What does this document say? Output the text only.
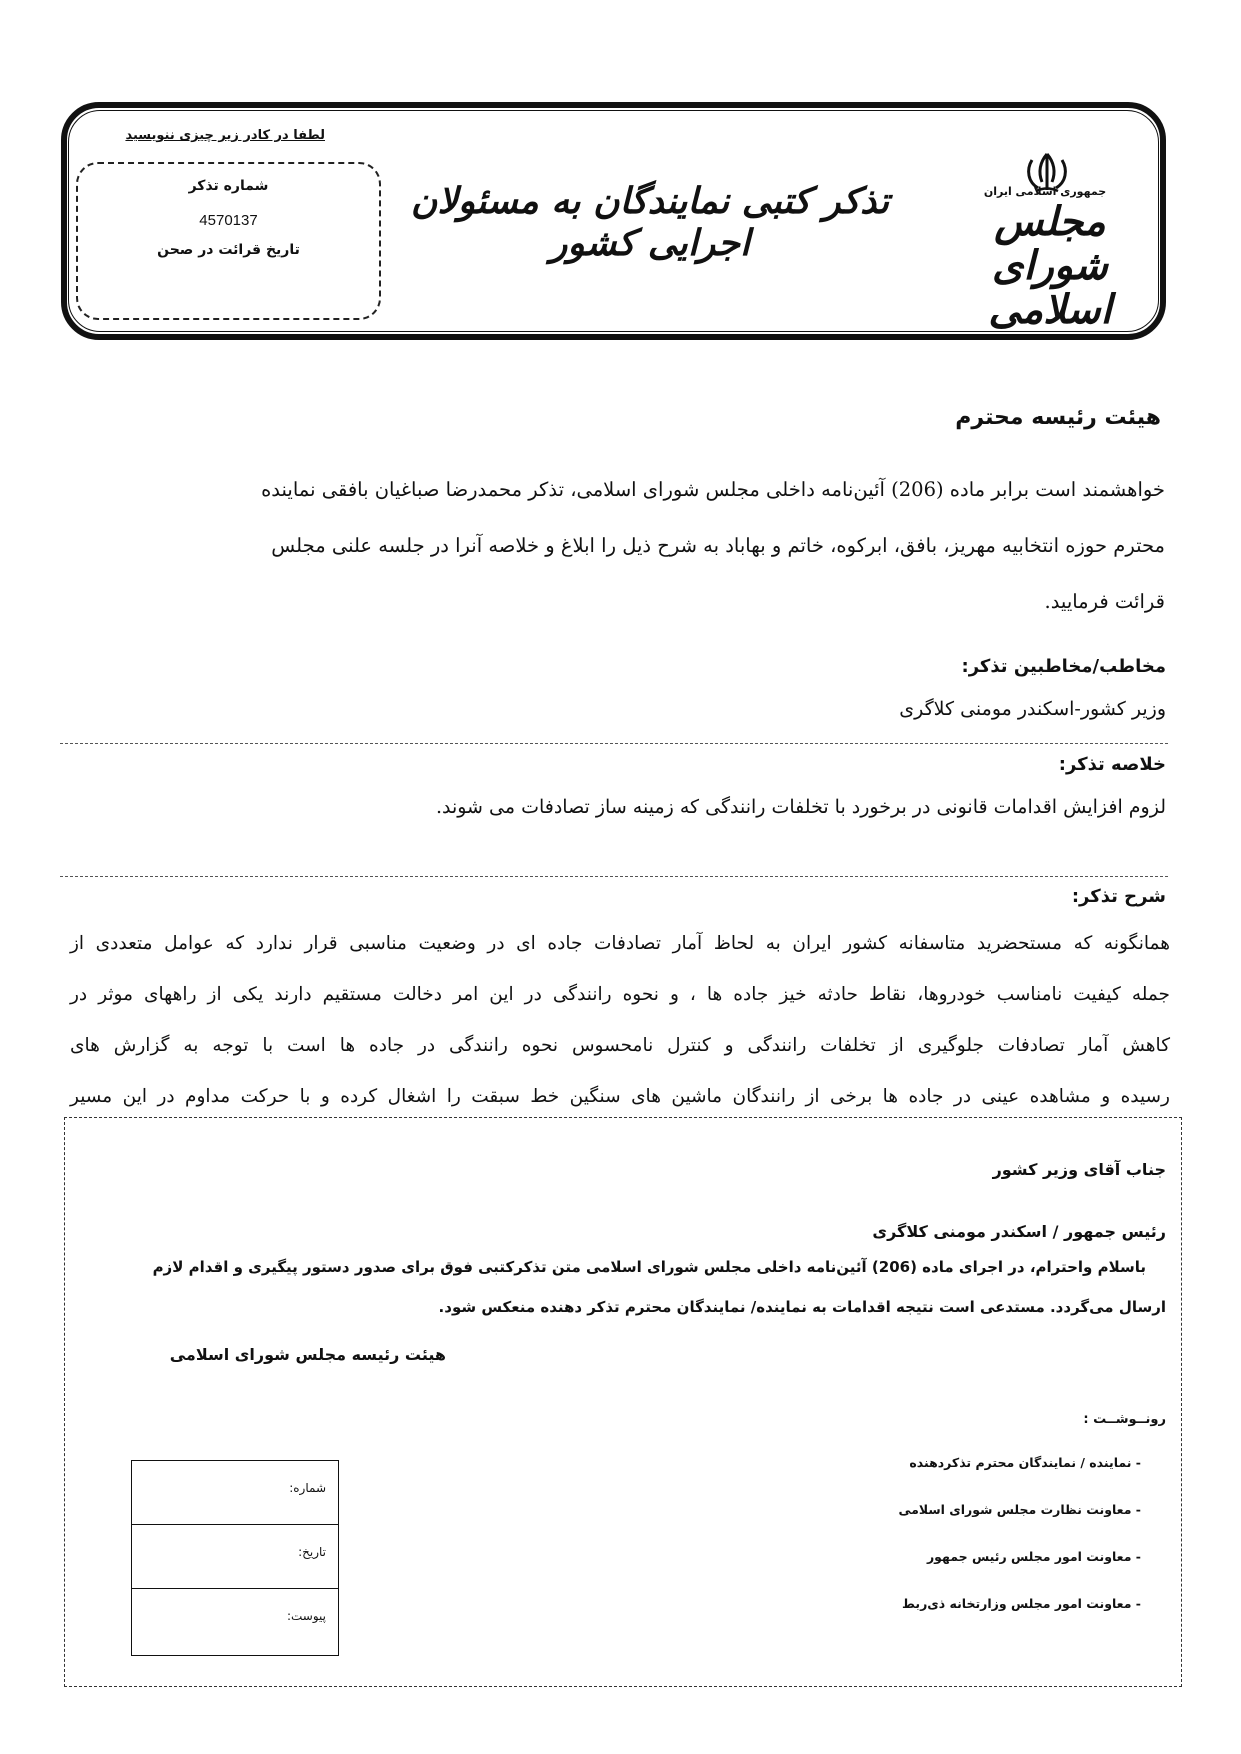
لطفا در کادر زیر چیزی ننویسید
شماره تذکر
4570137
تاریخ قرائت در صحن
تذکر کتبی نمایندگان به مسئولان اجرایی کشور
جمهوری اسلامی ایران
مجلس شورای اسلامی
هیئت رئیسه محترم
خواهشمند است برابر ماده (206) آئین‌نامه داخلی مجلس شورای اسلامی، تذکر محمدرضا صباغیان بافقی نماینده
محترم حوزه انتخابیه مهریز، بافق، ابرکوه، خاتم و بهاباد به شرح ذیل را ابلاغ و خلاصه آنرا در جلسه علنی مجلس
قرائت فرمایید.
مخاطب/مخاطبین تذکر:
وزیر کشور-اسکندر مومنی کلاگری
خلاصه تذکر:
لزوم افزایش اقدامات قانونی در برخورد با تخلفات رانندگی که زمینه ساز تصادفات می شوند.
شرح تذکر:
همانگونه که مستحضرید متاسفانه کشور ایران به لحاظ آمار تصادفات جاده ای در وضعیت مناسبی قرار ندارد که عوامل متعددی از
جمله کیفیت نامناسب خودروها، نقاط حادثه خیز جاده ها ، و نحوه رانندگی در این امر دخالت مستقیم دارند یکی از راههای موثر در
کاهش آمار تصادفات جلوگیری از تخلفات رانندگی و کنترل نامحسوس نحوه رانندگی در جاده ها است با توجه به گزارش های
رسیده و مشاهده عینی در جاده ها برخی از رانندگان ماشین های سنگین خط سبقت را اشغال کرده و با حرکت مداوم در این مسیر
جناب آقای وزیر کشور
رئیس جمهور / اسکندر مومنی کلاگری
باسلام واحترام، در اجرای ماده (206) آئین‌نامه داخلی مجلس شورای اسلامی متن تذکرکتبی فوق برای صدور دستور پیگیری و اقدام لازم
ارسال می‌گردد. مستدعی است نتیجه اقدامات به نماینده/ نمایندگان محترم تذکر دهنده منعکس شود.
هیئت رئیسه مجلس شورای اسلامی
رونــوشــت :
- نماینده / نمایندگان محترم تذکردهنده
- معاونت نظارت مجلس شورای اسلامی
- معاونت امور مجلس رئیس جمهور
- معاونت امور مجلس وزارتخانه ذی‌ربط
شماره:
تاریخ:
پیوست:
